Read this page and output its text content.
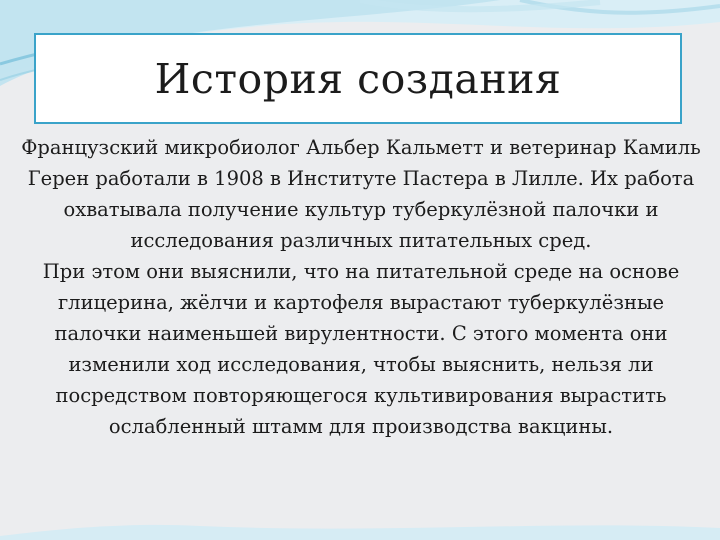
История создания

Французский микробиолог Альбер Кальметт и ветеринар Камиль Герен работали в 1908 в Институте Пастера в Лилле. Их работа охватывала получение культур туберкулёзной палочки и исследования различных питательных сред.

При этом они выяснили, что на питательной среде на основе глицерина, жёлчи и картофеля вырастают туберкулёзные палочки наименьшей вирулентности. С этого момента они изменили ход исследования, чтобы выяснить, нельзя ли посредством повторяющегося культивирования вырастить ослабленный штамм для производства вакцины.
